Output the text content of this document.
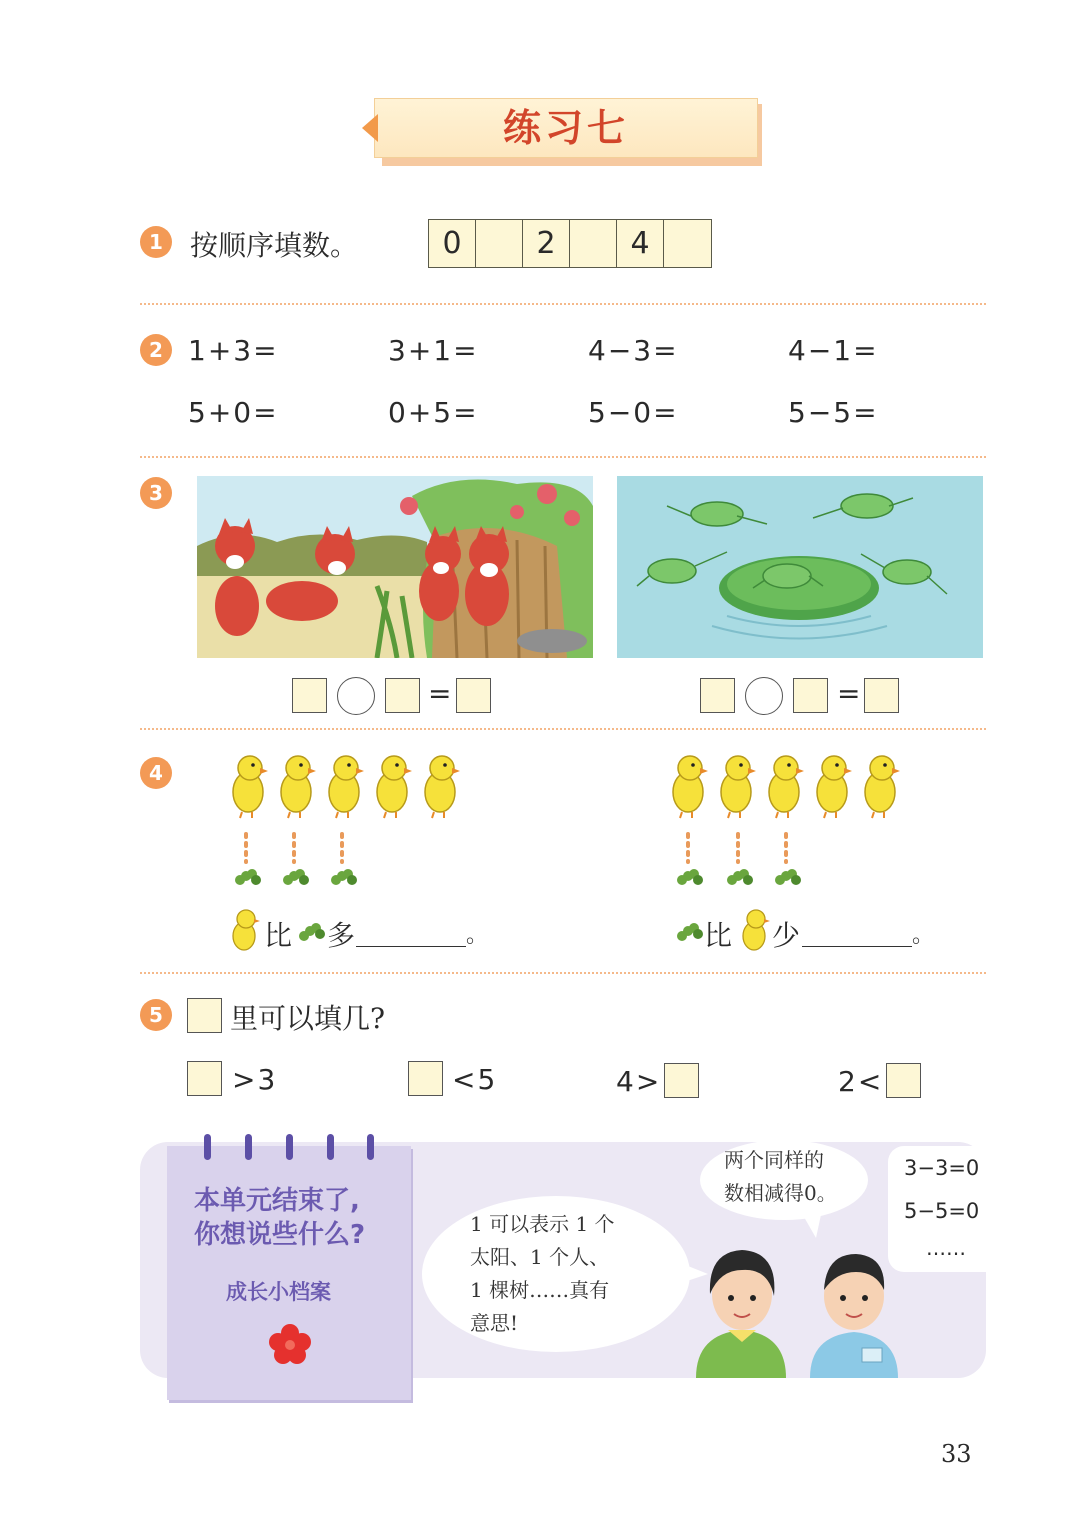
练习七
1 按顺序填数。	0	2	4
2 1+3=	3+1=	4−3=	4−1=
5+0=	0+5=	5−0=	5−5=
3
=	=
4
比 多	。	比 少	。
5	里可以填几?
>3	<5	4>	2<
本单元结束了,
你想说些什么?
成长小档案
1 可以表示 1 个
太阳、1 个人、
1 棵树……真有
意思!
两个同样的
数相减得0。
3−3=0
5−5=0
……
33
